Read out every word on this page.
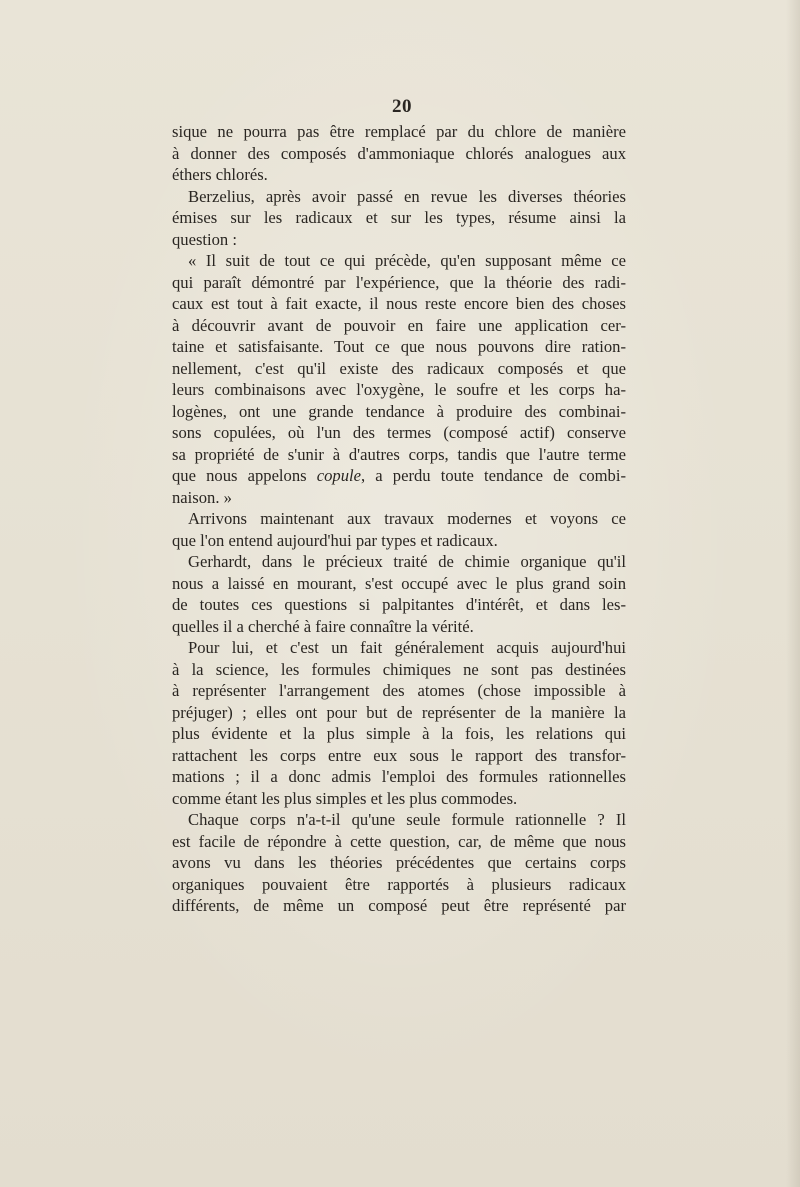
20
sique ne pourra pas être remplacé par du chlore de manière
à donner des composés d'ammoniaque chlorés analogues aux
éthers chlorés.
Berzelius, après avoir passé en revue les diverses théories
émises sur les radicaux et sur les types, résume ainsi la
question :
« Il suit de tout ce qui précède, qu'en supposant même ce
qui paraît démontré par l'expérience, que la théorie des radi-
caux est tout à fait exacte, il nous reste encore bien des choses
à découvrir avant de pouvoir en faire une application cer-
taine et satisfaisante. Tout ce que nous pouvons dire ration-
nellement, c'est qu'il existe des radicaux composés et que
leurs combinaisons avec l'oxygène, le soufre et les corps ha-
logènes, ont une grande tendance à produire des combinai-
sons copulées, où l'un des termes (composé actif) conserve
sa propriété de s'unir à d'autres corps, tandis que l'autre terme
que nous appelons copule, a perdu toute tendance de combi-
naison. »
Arrivons maintenant aux travaux modernes et voyons ce
que l'on entend aujourd'hui par types et radicaux.
Gerhardt, dans le précieux traité de chimie organique qu'il
nous a laissé en mourant, s'est occupé avec le plus grand soin
de toutes ces questions si palpitantes d'intérêt, et dans les-
quelles il a cherché à faire connaître la vérité.
Pour lui, et c'est un fait généralement acquis aujourd'hui
à la science, les formules chimiques ne sont pas destinées
à représenter l'arrangement des atomes (chose impossible à
préjuger) ; elles ont pour but de représenter de la manière la
plus évidente et la plus simple à la fois, les relations qui
rattachent les corps entre eux sous le rapport des transfor-
mations ; il a donc admis l'emploi des formules rationnelles
comme étant les plus simples et les plus commodes.
Chaque corps n'a-t-il qu'une seule formule rationnelle ? Il
est facile de répondre à cette question, car, de même que nous
avons vu dans les théories précédentes que certains corps
organiques pouvaient être rapportés à plusieurs radicaux
différents, de même un composé peut être représenté par
